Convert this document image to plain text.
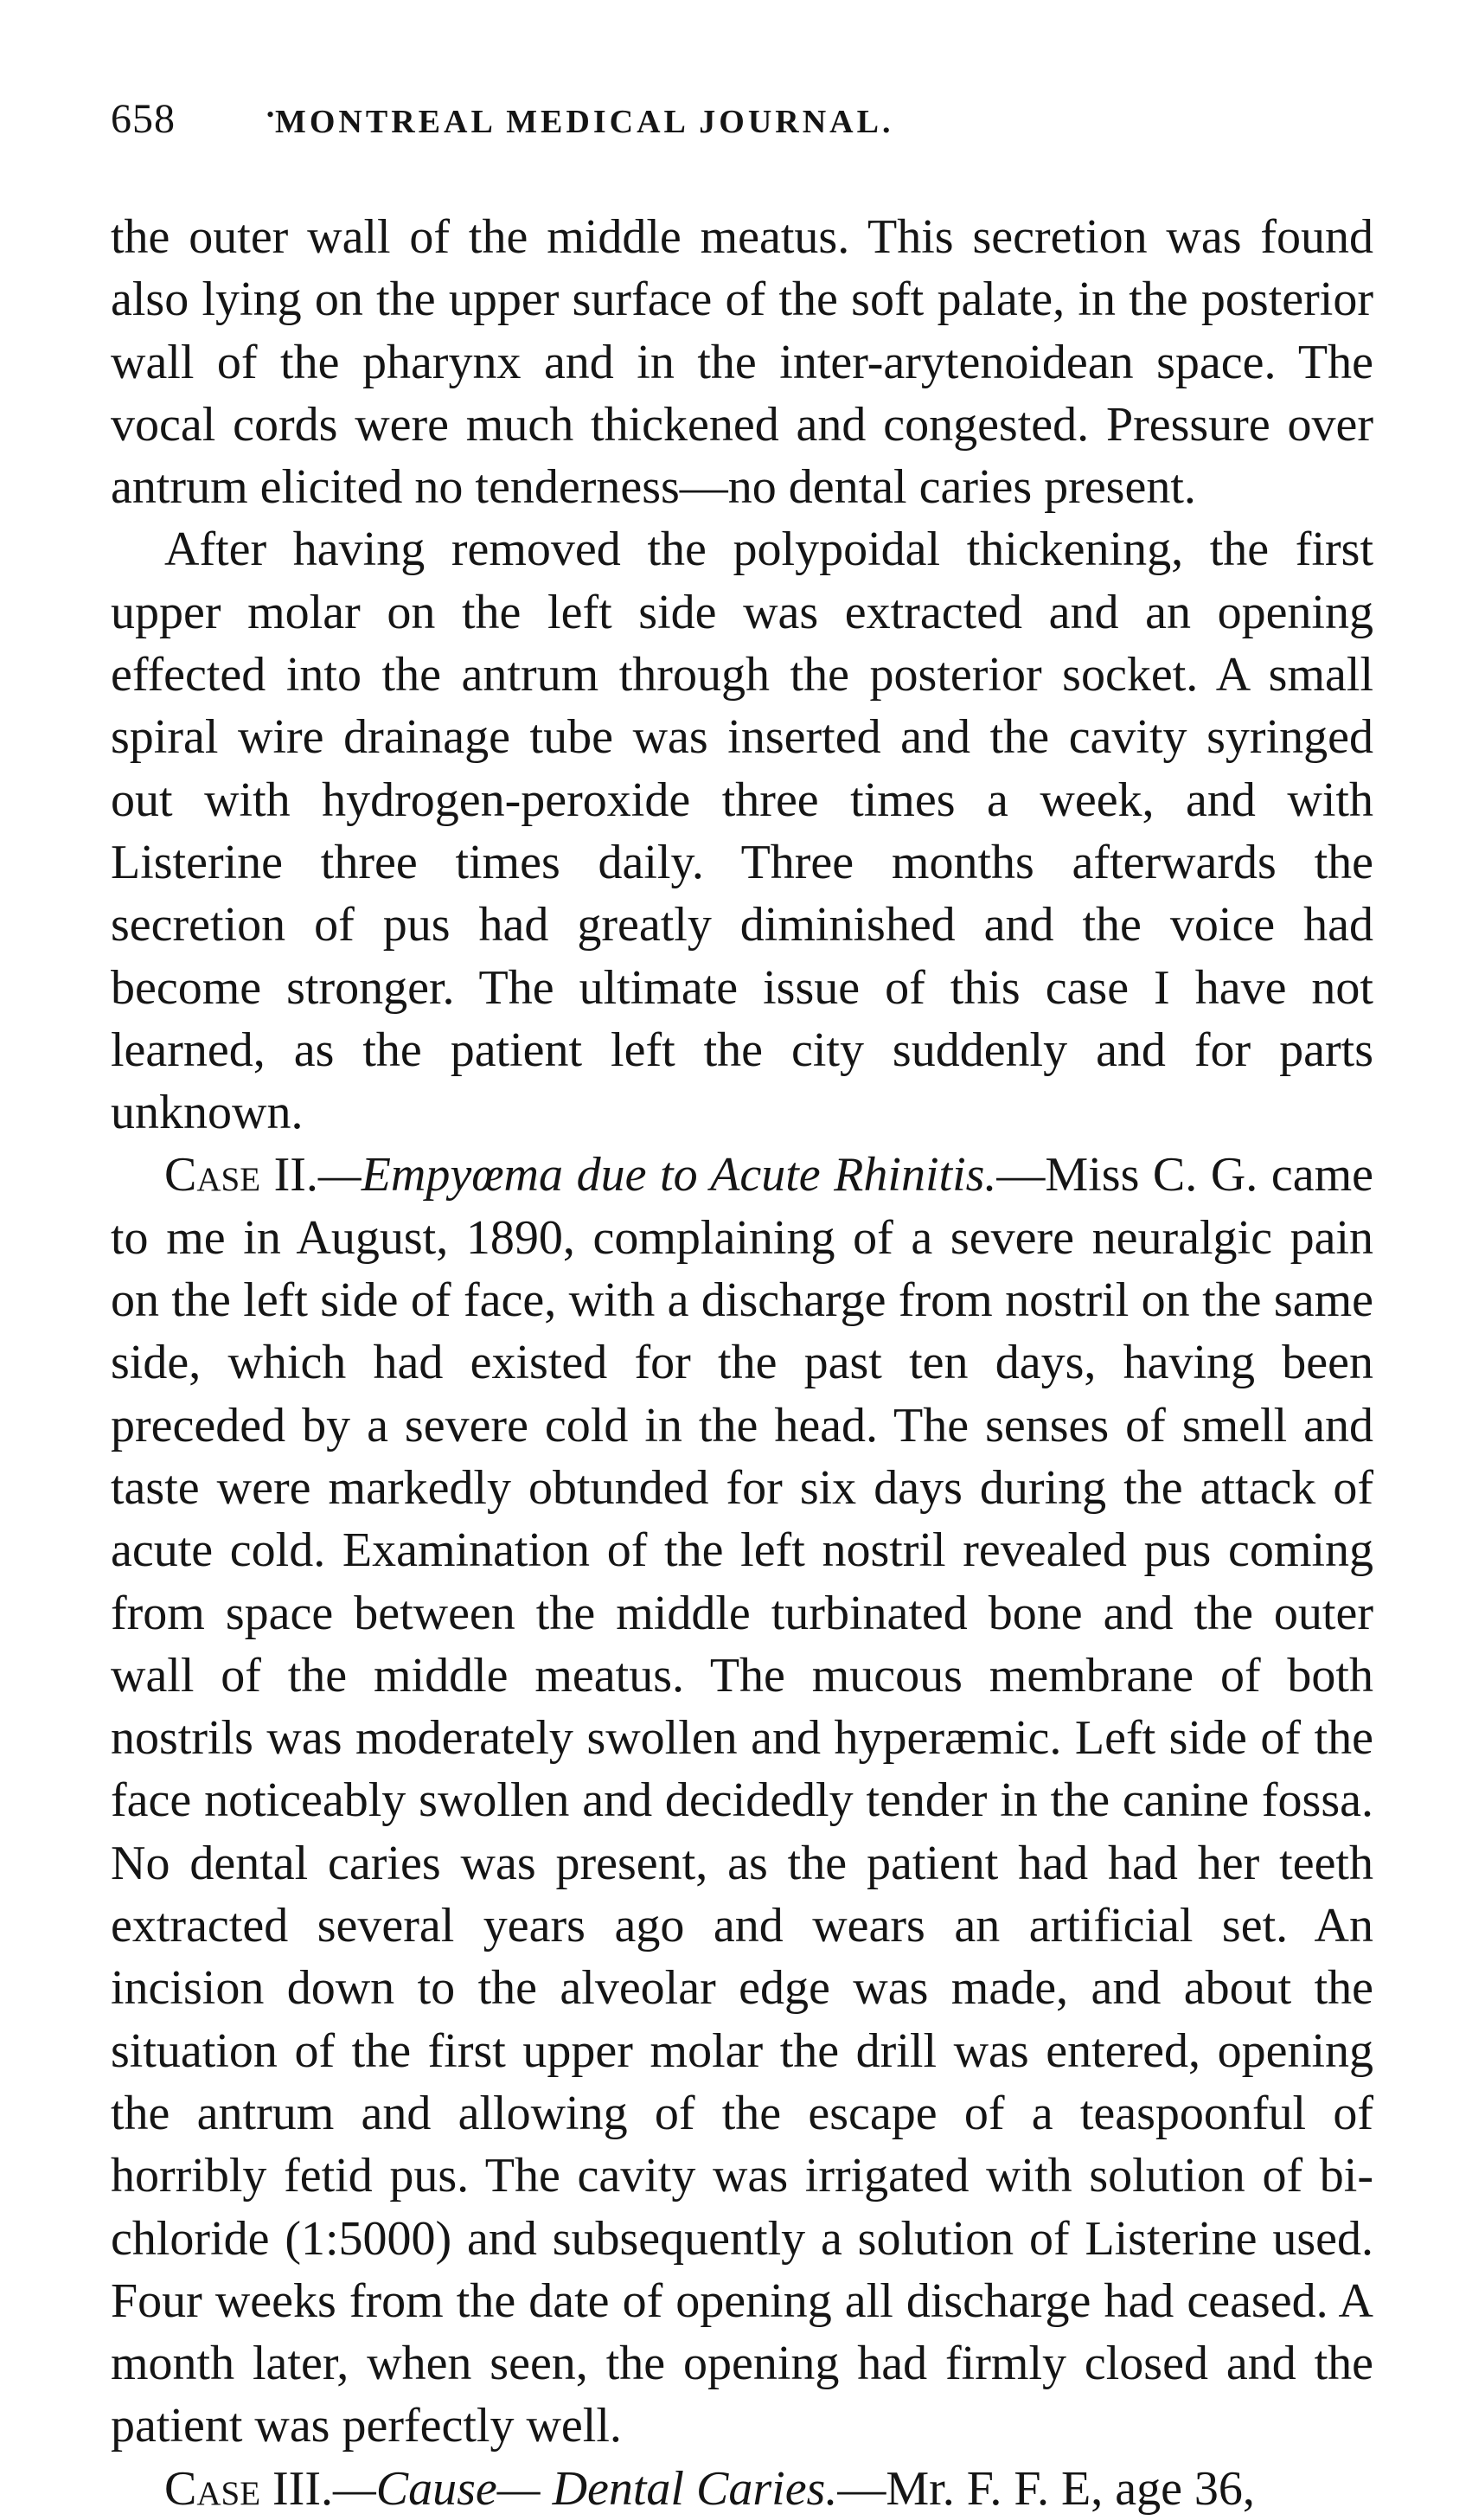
658	• MONTREAL MEDICAL JOURNAL.

the outer wall of the middle meatus. This secretion was found also lying on the upper surface of the soft palate, in the posterior wall of the pharynx and in the inter-arytenoidean space. The vocal cords were much thickened and congested. Pressure over antrum elicited no tenderness—no dental caries present.

After having removed the polypoidal thickening, the first upper molar on the left side was extracted and an opening effected into the antrum through the posterior socket. A small spiral wire drainage tube was inserted and the cavity syringed out with hydrogen-peroxide three times a week, and with Listerine three times daily. Three months afterwards the secretion of pus had greatly diminished and the voice had become stronger. The ultimate issue of this case I have not learned, as the patient left the city suddenly and for parts unknown.

Case II.—Empyœma due to Acute Rhinitis.—Miss C. G. came to me in August, 1890, complaining of a severe neuralgic pain on the left side of face, with a discharge from nostril on the same side, which had existed for the past ten days, having been preceded by a severe cold in the head. The senses of smell and taste were markedly obtunded for six days during the attack of acute cold. Examination of the left nostril revealed pus coming from space between the middle turbinated bone and the outer wall of the middle meatus. The mucous membrane of both nostrils was moderately swollen and hyperæmic. Left side of the face noticeably swollen and decidedly tender in the canine fossa. No dental caries was present, as the patient had had her teeth extracted several years ago and wears an artificial set. An incision down to the alveolar edge was made, and about the situation of the first upper molar the drill was entered, opening the antrum and allowing of the escape of a teaspoonful of horribly fetid pus. The cavity was irrigated with solution of bi-chloride (1:5000) and subsequently a solution of Listerine used. Four weeks from the date of opening all discharge had ceased. A month later, when seen, the opening had firmly closed and the patient was perfectly well.

Case III.—Cause— Dental Caries.—Mr. F. F. E, age 36,
